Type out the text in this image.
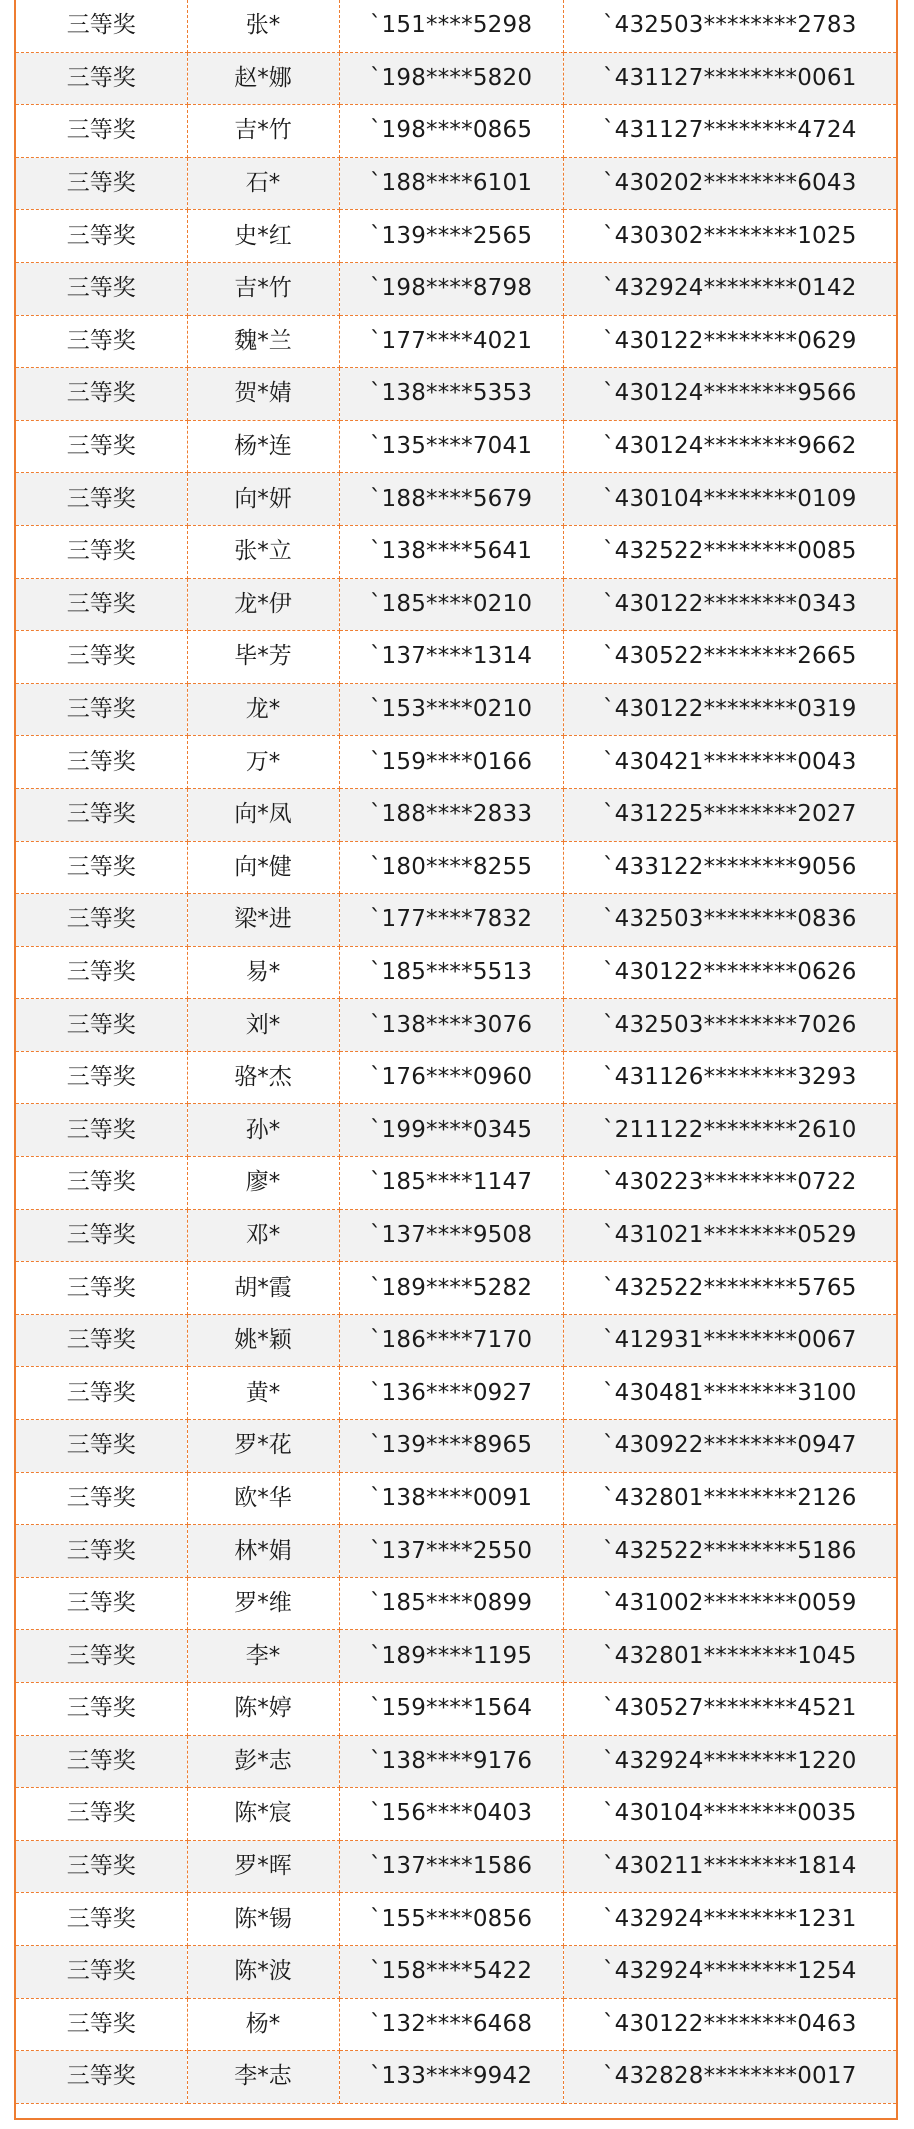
三等奖	张*	`151****5298	`432503********2783
三等奖	赵*娜	`198****5820	`431127********0061
三等奖	吉*竹	`198****0865	`431127********4724
三等奖	石*	`188****6101	`430202********6043
三等奖	史*红	`139****2565	`430302********1025
三等奖	吉*竹	`198****8798	`432924********0142
三等奖	魏*兰	`177****4021	`430122********0629
三等奖	贺*婧	`138****5353	`430124********9566
三等奖	杨*连	`135****7041	`430124********9662
三等奖	向*妍	`188****5679	`430104********0109
三等奖	张*立	`138****5641	`432522********0085
三等奖	龙*伊	`185****0210	`430122********0343
三等奖	毕*芳	`137****1314	`430522********2665
三等奖	龙*	`153****0210	`430122********0319
三等奖	万*	`159****0166	`430421********0043
三等奖	向*凤	`188****2833	`431225********2027
三等奖	向*健	`180****8255	`433122********9056
三等奖	梁*进	`177****7832	`432503********0836
三等奖	易*	`185****5513	`430122********0626
三等奖	刘*	`138****3076	`432503********7026
三等奖	骆*杰	`176****0960	`431126********3293
三等奖	孙*	`199****0345	`211122********2610
三等奖	廖*	`185****1147	`430223********0722
三等奖	邓*	`137****9508	`431021********0529
三等奖	胡*霞	`189****5282	`432522********5765
三等奖	姚*颖	`186****7170	`412931********0067
三等奖	黄*	`136****0927	`430481********3100
三等奖	罗*花	`139****8965	`430922********0947
三等奖	欧*华	`138****0091	`432801********2126
三等奖	林*娟	`137****2550	`432522********5186
三等奖	罗*维	`185****0899	`431002********0059
三等奖	李*	`189****1195	`432801********1045
三等奖	陈*婷	`159****1564	`430527********4521
三等奖	彭*志	`138****9176	`432924********1220
三等奖	陈*宸	`156****0403	`430104********0035
三等奖	罗*晖	`137****1586	`430211********1814
三等奖	陈*锡	`155****0856	`432924********1231
三等奖	陈*波	`158****5422	`432924********1254
三等奖	杨*	`132****6468	`430122********0463
三等奖	李*志	`133****9942	`432828********0017
